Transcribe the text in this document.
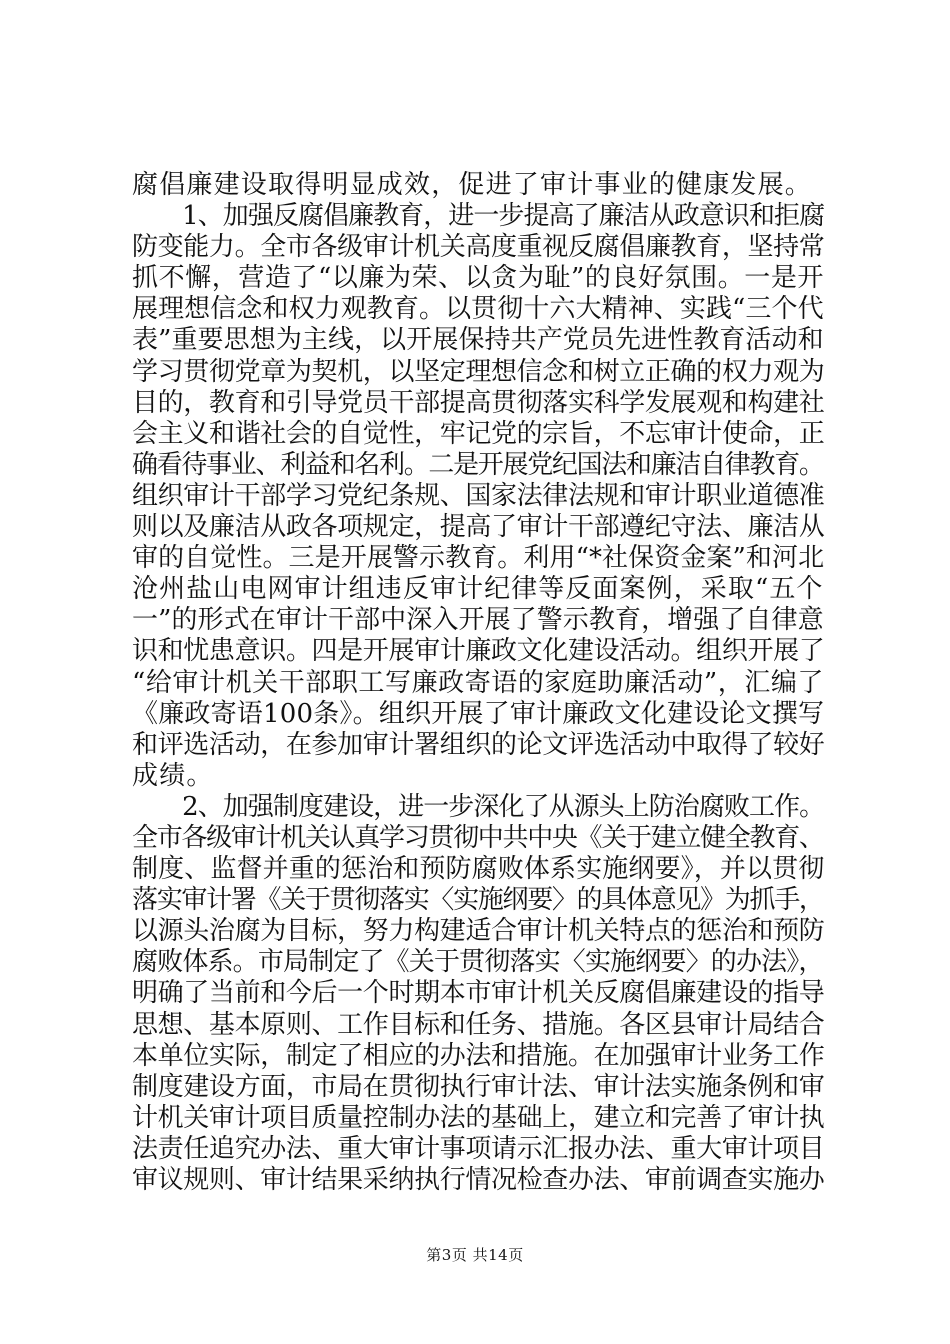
腐倡廉建设取得明显成效，促进了审计事业的健康发展。
　　1、加强反腐倡廉教育，进一步提高了廉洁从政意识和拒腐
防变能力。全市各级审计机关高度重视反腐倡廉教育，坚持常
抓不懈，营造了“以廉为荣、以贪为耻”的良好氛围。一是开
展理想信念和权力观教育。以贯彻十六大精神、实践“三个代
表”重要思想为主线，以开展保持共产党员先进性教育活动和
学习贯彻党章为契机，以坚定理想信念和树立正确的权力观为
目的，教育和引导党员干部提高贯彻落实科学发展观和构建社
会主义和谐社会的自觉性，牢记党的宗旨，不忘审计使命，正
确看待事业、利益和名利。二是开展党纪国法和廉洁自律教育。
组织审计干部学习党纪条规、国家法律法规和审计职业道德准
则以及廉洁从政各项规定，提高了审计干部遵纪守法、廉洁从
审的自觉性。三是开展警示教育。利用“*社保资金案”和河北
沧州盐山电网审计组违反审计纪律等反面案例，采取“五个
一”的形式在审计干部中深入开展了警示教育，增强了自律意
识和忧患意识。四是开展审计廉政文化建设活动。组织开展了
“给审计机关干部职工写廉政寄语的家庭助廉活动”，汇编了
《廉政寄语100条》。组织开展了审计廉政文化建设论文撰写
和评选活动，在参加审计署组织的论文评选活动中取得了较好
成绩。
　　2、加强制度建设，进一步深化了从源头上防治腐败工作。
全市各级审计机关认真学习贯彻中共中央《关于建立健全教育、
制度、监督并重的惩治和预防腐败体系实施纲要》，并以贯彻
落实审计署《关于贯彻落实〈实施纲要〉的具体意见》为抓手，
以源头治腐为目标，努力构建适合审计机关特点的惩治和预防
腐败体系。市局制定了《关于贯彻落实〈实施纲要〉的办法》，
明确了当前和今后一个时期本市审计机关反腐倡廉建设的指导
思想、基本原则、工作目标和任务、措施。各区县审计局结合
本单位实际，制定了相应的办法和措施。在加强审计业务工作
制度建设方面，市局在贯彻执行审计法、审计法实施条例和审
计机关审计项目质量控制办法的基础上，建立和完善了审计执
法责任追究办法、重大审计事项请示汇报办法、重大审计项目
审议规则、审计结果采纳执行情况检查办法、审前调查实施办
第3页 共14页
